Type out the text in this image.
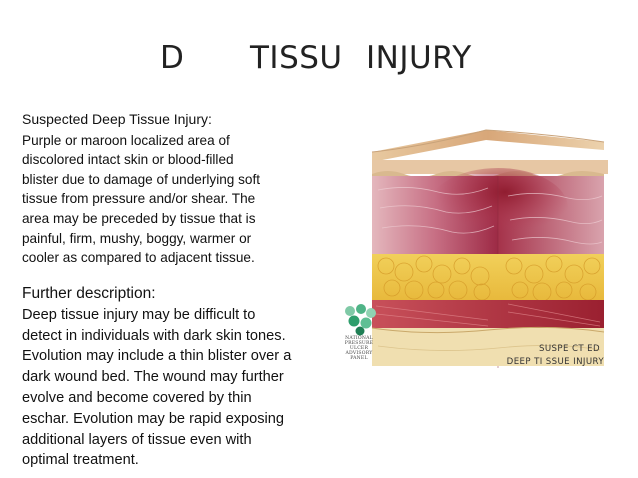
D TISSU INJURY
Suspected Deep Tissue Injury:
Purple or maroon localized area of
discolored intact skin or blood-filled
blister due to damage of underlying soft
tissue from pressure and/or shear. The
area may be preceded by tissue that is
painful, firm, mushy, boggy, warmer or
cooler as compared to adjacent tissue.
Further description:
Deep tissue injury may be difficult to
detect in individuals with dark skin tones.
Evolution may include a thin blister over a
dark wound bed. The wound may further
evolve and become covered by thin
eschar. Evolution may be rapid exposing
additional layers of tissue even with
optimal treatment.
NATIONAL
PRESSURE
ULCER
ADVISORY
PANEL
SUSPE CT ED
DEEP TI SSUE INJURY
